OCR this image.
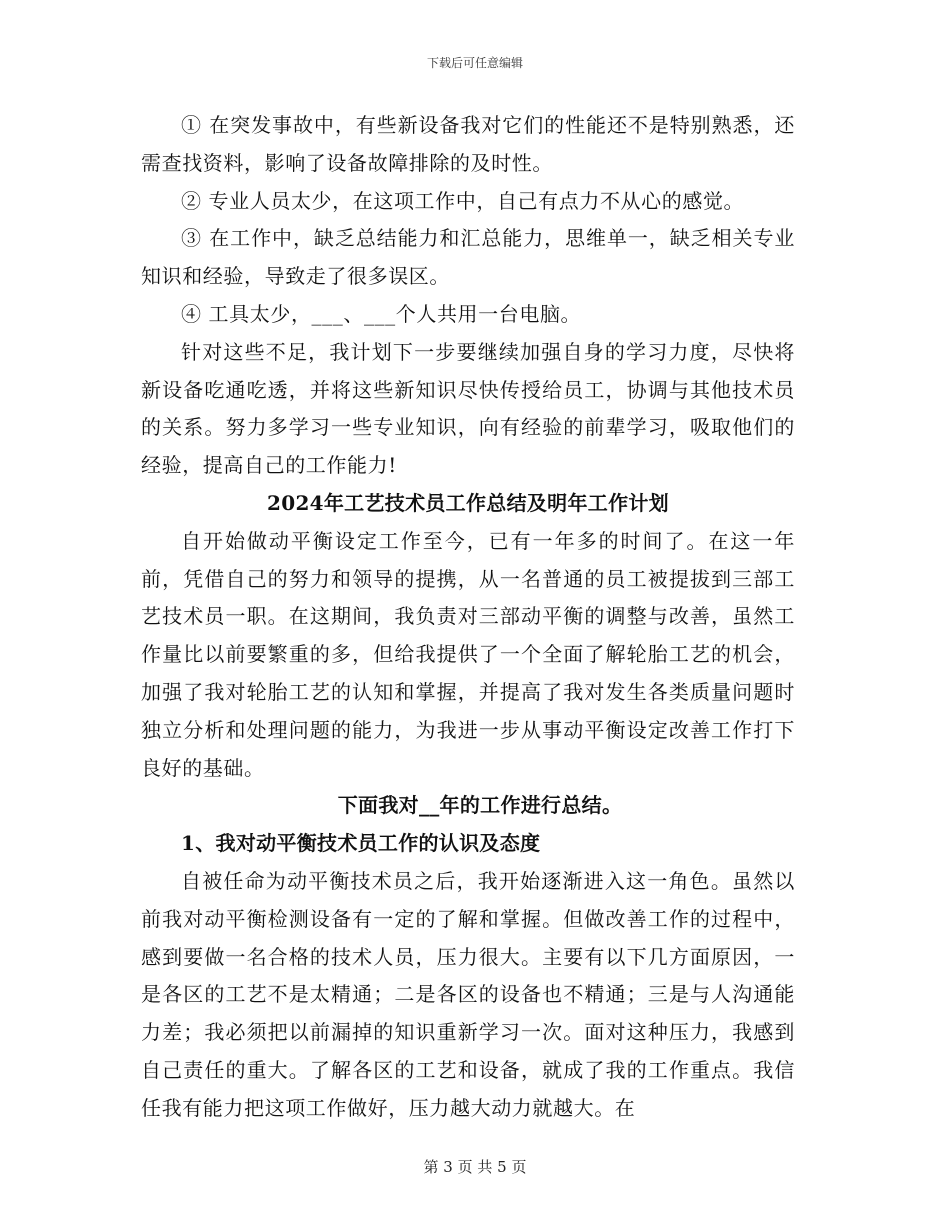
下载后可任意编辑

① 在突发事故中，有些新设备我对它们的性能还不是特别熟悉，还需查找资料，影响了设备故障排除的及时性。

② 专业人员太少，在这项工作中，自己有点力不从心的感觉。

③ 在工作中，缺乏总结能力和汇总能力，思维单一，缺乏相关专业知识和经验，导致走了很多误区。

④ 工具太少，___、___个人共用一台电脑。

针对这些不足，我计划下一步要继续加强自身的学习力度，尽快将新设备吃通吃透，并将这些新知识尽快传授给员工，协调与其他技术员的关系。努力多学习一些专业知识，向有经验的前辈学习，吸取他们的经验，提高自己的工作能力!

2024年工艺技术员工作总结及明年工作计划

自开始做动平衡设定工作至今，已有一年多的时间了。在这一年前，凭借自己的努力和领导的提携，从一名普通的员工被提拔到三部工艺技术员一职。在这期间，我负责对三部动平衡的调整与改善，虽然工作量比以前要繁重的多，但给我提供了一个全面了解轮胎工艺的机会，加强了我对轮胎工艺的认知和掌握，并提高了我对发生各类质量问题时独立分析和处理问题的能力，为我进一步从事动平衡设定改善工作打下良好的基础。

下面我对__年的工作进行总结。

1、我对动平衡技术员工作的认识及态度

自被任命为动平衡技术员之后，我开始逐渐进入这一角色。虽然以前我对动平衡检测设备有一定的了解和掌握。但做改善工作的过程中，感到要做一名合格的技术人员，压力很大。主要有以下几方面原因，一是各区的工艺不是太精通；二是各区的设备也不精通；三是与人沟通能力差；我必须把以前漏掉的知识重新学习一次。面对这种压力，我感到自己责任的重大。了解各区的工艺和设备，就成了我的工作重点。我信任我有能力把这项工作做好，压力越大动力就越大。在

第 3 页 共 5 页
